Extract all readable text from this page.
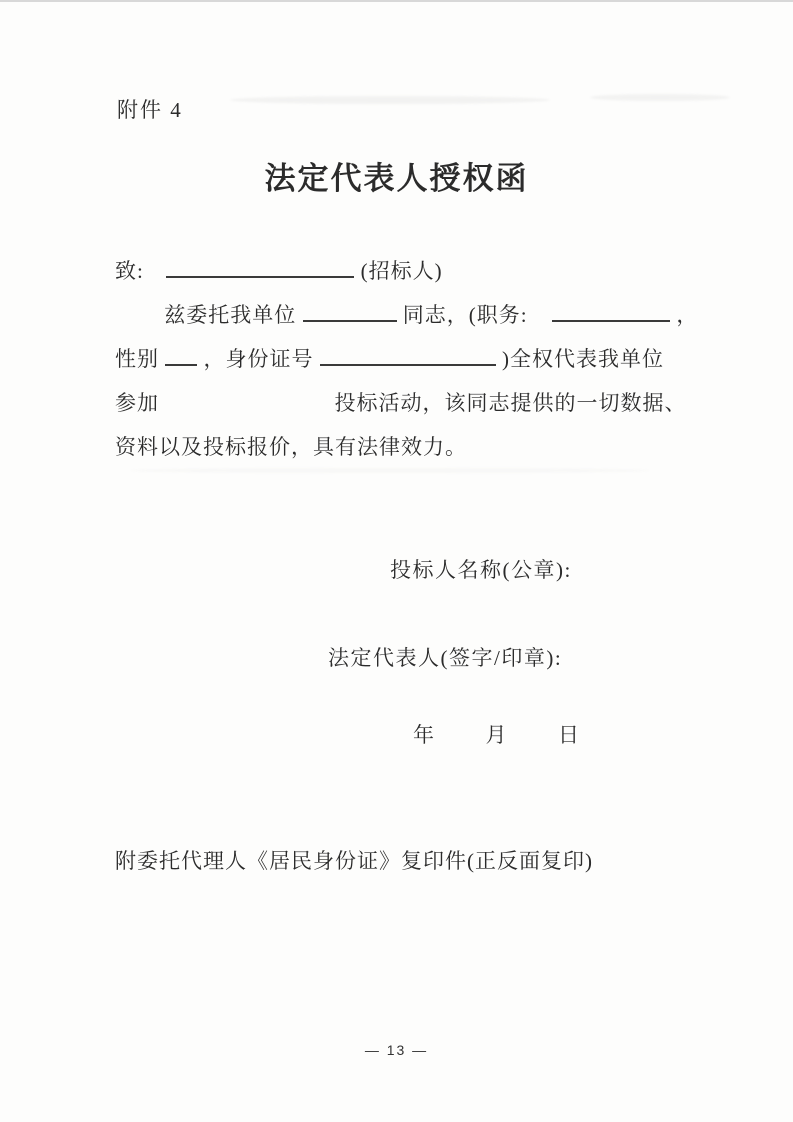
附件 4
法定代表人授权函
致:	(招标人)
兹委托我单位	同志，(职务:	，
性别 ，身份证号	)全权代表我单位
参加	投标活动，该同志提供的一切数据、
资料以及投标报价，具有法律效力。
投标人名称(公章):
法定代表人(签字/印章):
年 月 日
附委托代理人《居民身份证》复印件(正反面复印)
— 13 —
